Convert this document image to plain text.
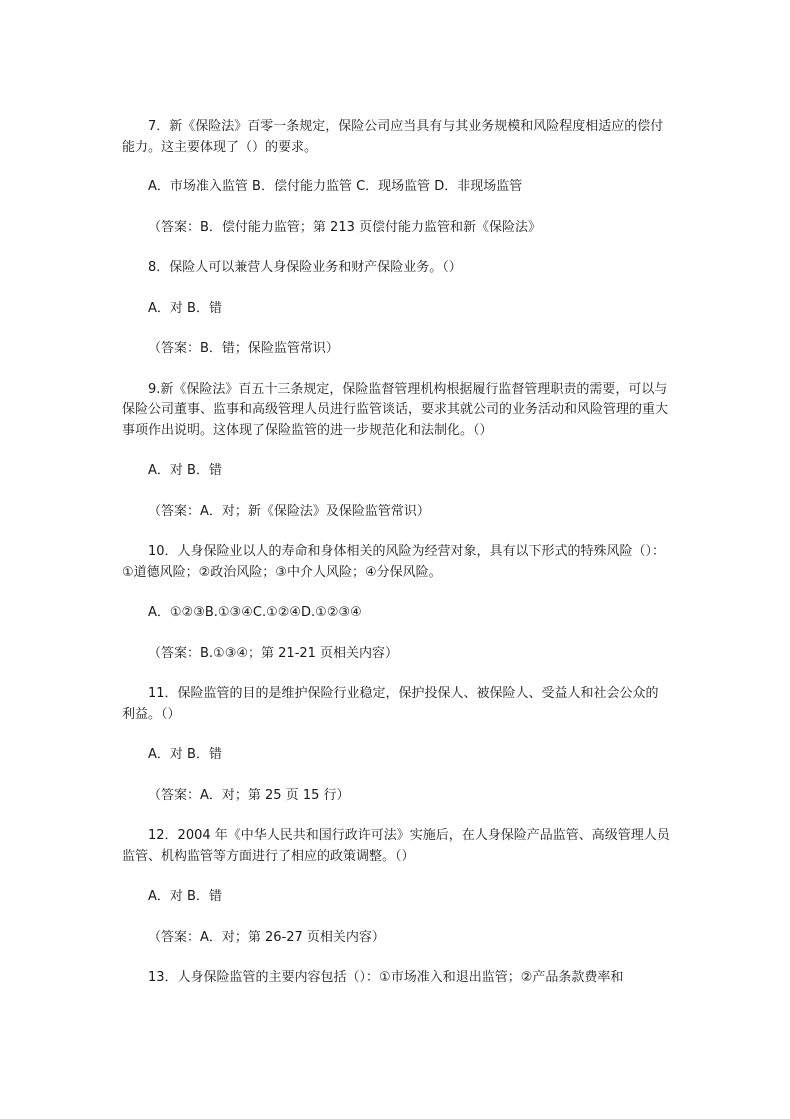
7．新《保险法》百零一条规定，保险公司应当具有与其业务规模和风险程度相适应的偿付能力。这主要体现了（）的要求。

A．市场准入监管 B．偿付能力监管 C．现场监管 D．非现场监管

（答案：B．偿付能力监管；第 213 页偿付能力监管和新《保险法》

8．保险人可以兼营人身保险业务和财产保险业务。（）

A．对 B．错

（答案：B．错；保险监管常识）

9.新《保险法》百五十三条规定，保险监督管理机构根据履行监督管理职责的需要，可以与保险公司董事、监事和高级管理人员进行监管谈话，要求其就公司的业务活动和风险管理的重大事项作出说明。这体现了保险监管的进一步规范化和法制化。（）

A．对 B．错

（答案：A．对；新《保险法》及保险监管常识）

10．人身保险业以人的寿命和身体相关的风险为经营对象，具有以下形式的特殊风险（）：①道德风险；②政治风险；③中介人风险；④分保风险。

A．①②③B.①③④C.①②④D.①②③④

（答案：B.①③④；第 21-21 页相关内容）

11．保险监管的目的是维护保险行业稳定，保护投保人、被保险人、受益人和社会公众的利益。（）

A．对 B．错

（答案：A．对；第 25 页 15 行）

12．2004 年《中华人民共和国行政许可法》实施后，在人身保险产品监管、高级管理人员监管、机构监管等方面进行了相应的政策调整。（）

A．对 B．错

（答案：A．对；第 26-27 页相关内容）

13．人身保险监管的主要内容包括（）：①市场准入和退出监管；②产品条款费率和
